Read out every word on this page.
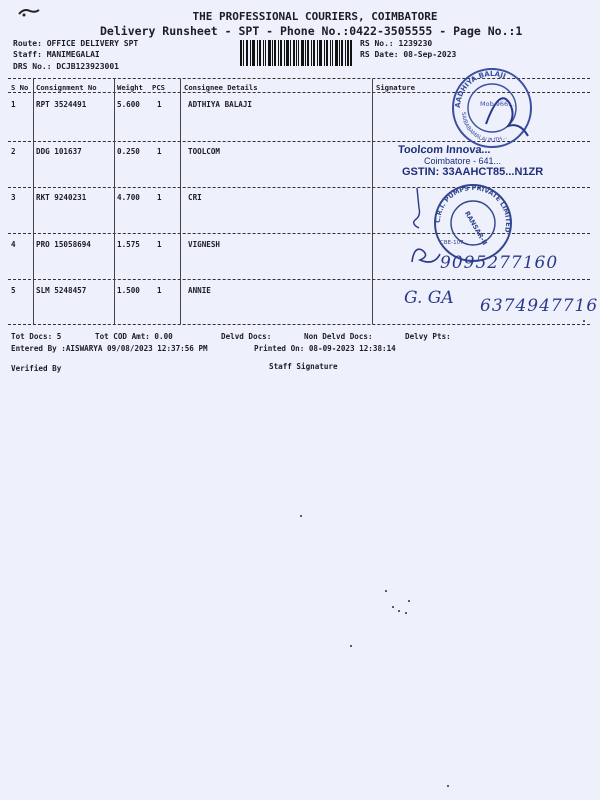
THE PROFESSIONAL COURIERS, COIMBATORE
Delivery Runsheet - SPT - Phone No.:0422-3505555 - Page No.:1
Route: OFFICE DELIVERY SPT
Staff: MANIMEGALAI
DRS No.: DCJB123923001
RS No.: 1239230
RS Date: 08-Sep-2023
S No Consignment No	Weight PCS	Consignee Details	Signature
1	RPT 3524491	5.600 1	ADTHIYA BALAJI
2	DDG 101637	0.250 1	TOOLCOM
3	RKT 9240231	4.700 1	CRI
4	PRO 15058694	1.575 1	VIGNESH
5	SLM 5248457	1.500 1	ANNIE
AADHIYA BALAJI
SAIBABAMALAI PUTH...
Mob 966...
Toolcom Innova...
Coimbatore - 641...
GSTIN: 33AAHCT85...N1ZR
C.R.I. PUMPS PRIVATE LIMITED
RANSAR-II
CBE-107
9095277160
G. GA 6374947716
Tot Docs: 5	Tot COD Amt: 0.00	Delvd Docs:	Non Delvd Docs:	Delvy Pts:
Entered By :AISWARYA 09/08/2023 12:37:56 PM	Printed On: 08-09-2023 12:38:14
Verified By	Staff Signature
